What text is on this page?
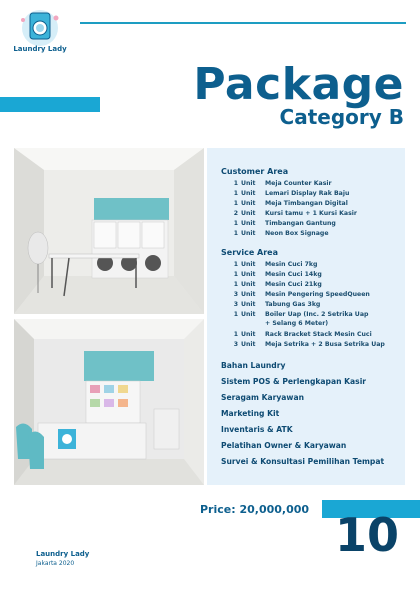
Laundry Lady
Package
Category B
Customer Area
1 Unit Meja Counter Kasir
1 Unit Lemari Display Rak Baju
1 Unit Meja Timbangan Digital
2 Unit Kursi tamu + 1 Kursi Kasir
1 Unit Timbangan Gantung
1 Unit Neon Box Signage
Service Area
1 Unit Mesin Cuci 7kg
1 Unit Mesin Cuci 14kg
1 Unit Mesin Cuci 21kg
3 Unit Mesin Pengering SpeedQueen
3 Unit Tabung Gas 3kg
1 Unit Boiler Uap (Inc. 2 Setrika Uap
+ Selang 6 Meter)
1 Unit Rack Bracket Stack Mesin Cuci
3 Unit Meja Setrika + 2 Busa Setrika Uap
Bahan Laundry
Sistem POS & Perlengkapan Kasir
Seragam Karyawan
Marketing Kit
Inventaris & ATK
Pelatihan Owner & Karyawan
Survei & Konsultasi Pemilihan Tempat
Price: 20,000,000 10
Laundry Lady
Jakarta 2020
